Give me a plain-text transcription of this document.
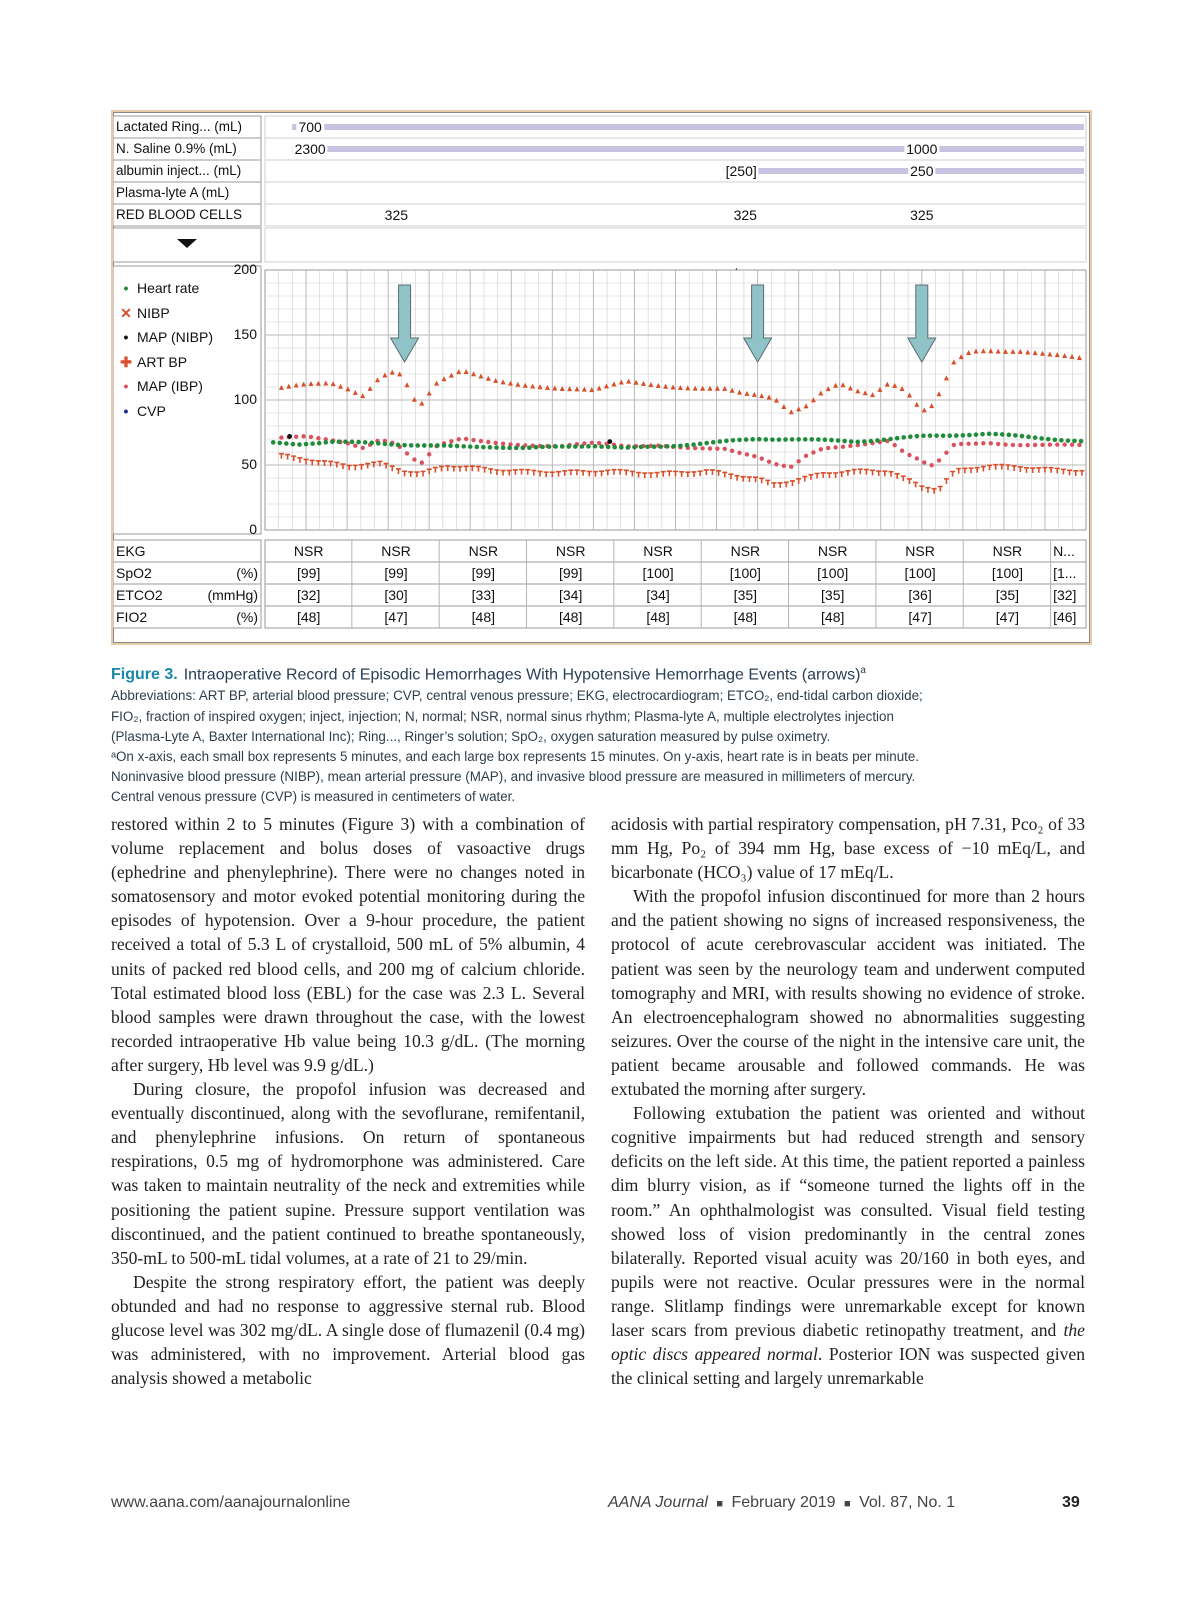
Lactated Ring... (mL)	700
N. Saline 0.9% (mL)	2300	1000
albumin inject... (mL)	[250]	250
Plasma-lyte A (mL)
RED BLOOD CELLS	325	325	325
0
50
100
150
200
• Heart rate
✕ NIBP
• MAP (NIBP)
✚ ART BP
• MAP (IBP)
• CVP
EKG	NSR	NSR	NSR	NSR	NSR	NSR	NSR	NSR	NSR N...
SpO2	(%)	[99]	[99]	[99]	[99]	[100]	[100]	[100]	[100]	[100] [1...
ETCO2	(mmHg)	[32]	[30]	[33]	[34]	[34]	[35]	[35]	[36]	[35] [32]
FIO2	(%)	[48]	[47]	[48]	[48]	[48]	[48]	[48]	[47]	[47] [46]
Figure 3. Intraoperative Record of Episodic Hemorrhages With Hypotensive Hemorrhage Events (arrows)$^a$
Abbreviations: ART BP, arterial blood pressure; CVP, central venous pressure; EKG, electrocardiogram; ETCO₂, end-tidal carbon dioxide;
FIO₂, fraction of inspired oxygen; inject, injection; N, normal; NSR, normal sinus rhythm; Plasma-lyte A, multiple electrolytes injection
(Plasma-Lyte A, Baxter International Inc); Ring..., Ringer’s solution; SpO₂, oxygen saturation measured by pulse oximetry.
ᵃOn x-axis, each small box represents 5 minutes, and each large box represents 15 minutes. On y-axis, heart rate is in beats per minute.
Noninvasive blood pressure (NIBP), mean arterial pressure (MAP), and invasive blood pressure are measured in millimeters of mercury.
Central venous pressure (CVP) is measured in centimeters of water.

restored within 2 to 5 minutes (Figure 3) with a combination of volume replacement and bolus doses of vasoactive drugs (ephedrine and phenylephrine). There were no changes noted in somatosensory and motor evoked potential monitoring during the episodes of hypotension. Over a 9-hour procedure, the patient received a total of 5.3 L of crystalloid, 500 mL of 5% albumin, 4 units of packed red blood cells, and 200 mg of calcium chloride. Total estimated blood loss (EBL) for the case was 2.3 L. Several blood samples were drawn throughout the case, with the lowest recorded intraoperative Hb value being 10.3 g/dL. (The morning after surgery, Hb level was 9.9 g/dL.)

During closure, the propofol infusion was decreased and eventually discontinued, along with the sevoflurane, remifentanil, and phenylephrine infusions. On return of spontaneous respirations, 0.5 mg of hydromorphone was administered. Care was taken to maintain neutrality of the neck and extremities while positioning the patient supine. Pressure support ventilation was discontinued, and the patient continued to breathe spontaneously, 350-mL to 500-mL tidal volumes, at a rate of 21 to 29/min.

Despite the strong respiratory effort, the patient was deeply obtunded and had no response to aggressive sternal rub. Blood glucose level was 302 mg/dL. A single dose of flumazenil (0.4 mg) was administered, with no improvement. Arterial blood gas analysis showed a metabolic

acidosis with partial respiratory compensation, pH 7.31, Pco₂ of 33 mm Hg, Po₂ of 394 mm Hg, base excess of −10 mEq/L, and bicarbonate (HCO₃) value of 17 mEq/L.

With the propofol infusion discontinued for more than 2 hours and the patient showing no signs of increased responsiveness, the protocol of acute cerebrovascular accident was initiated. The patient was seen by the neurology team and underwent computed tomography and MRI, with results showing no evidence of stroke. An electroencephalogram showed no abnormalities suggesting seizures. Over the course of the night in the intensive care unit, the patient became arousable and followed commands. He was extubated the morning after surgery.

Following extubation the patient was oriented and without cognitive impairments but had reduced strength and sensory deficits on the left side. At this time, the patient reported a painless dim blurry vision, as if “someone turned the lights off in the room.” An ophthalmologist was consulted. Visual field testing showed loss of vision predominantly in the central zones bilaterally. Reported visual acuity was 20/160 in both eyes, and pupils were not reactive. Ocular pressures were in the normal range. Slitlamp findings were unremarkable except for known laser scars from previous diabetic retinopathy treatment, and the optic discs appeared normal. Posterior ION was suspected given the clinical setting and largely unremarkable

www.aana.com/aanajournalonline	AANA Journal ■ February 2019 ■ Vol. 87, No. 1	39
